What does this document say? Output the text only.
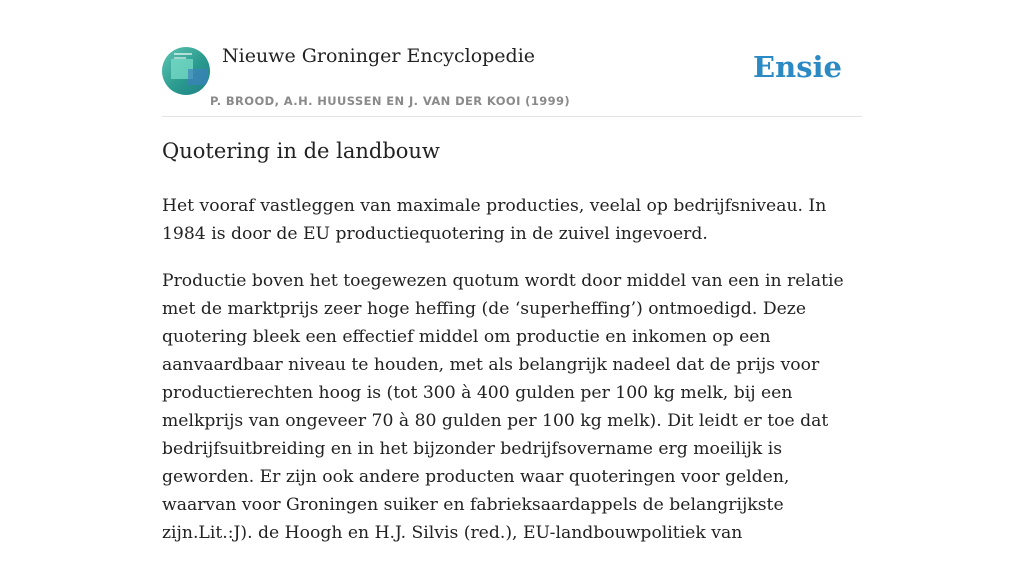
Nieuwe Groninger Encyclopedie
P. BROOD, A.H. HUUSSEN EN J. VAN DER KOOI (1999)
Ensie
Quotering in de landbouw

Het vooraf vastleggen van maximale producties, veelal op bedrijfsniveau. In 1984 is door de EU productiequotering in de zuivel ingevoerd.

Productie boven het toegewezen quotum wordt door middel van een in relatie met de marktprijs zeer hoge heffing (de ‘superheffing’) ontmoedigd. Deze quotering bleek een effectief middel om productie en inkomen op een aanvaardbaar niveau te houden, met als belangrijk nadeel dat de prijs voor productierechten hoog is (tot 300 à 400 gulden per 100 kg melk, bij een melkprijs van ongeveer 70 à 80 gulden per 100 kg melk). Dit leidt er toe dat bedrijfsuitbreiding en in het bijzonder bedrijfsovername erg moeilijk is geworden. Er zijn ook andere producten waar quoteringen voor gelden, waarvan voor Groningen suiker en fabrieksaardappels de belangrijkste zijn.Lit.:J). de Hoogh en H.J. Silvis (red.), EU-landbouwpolitiek van
